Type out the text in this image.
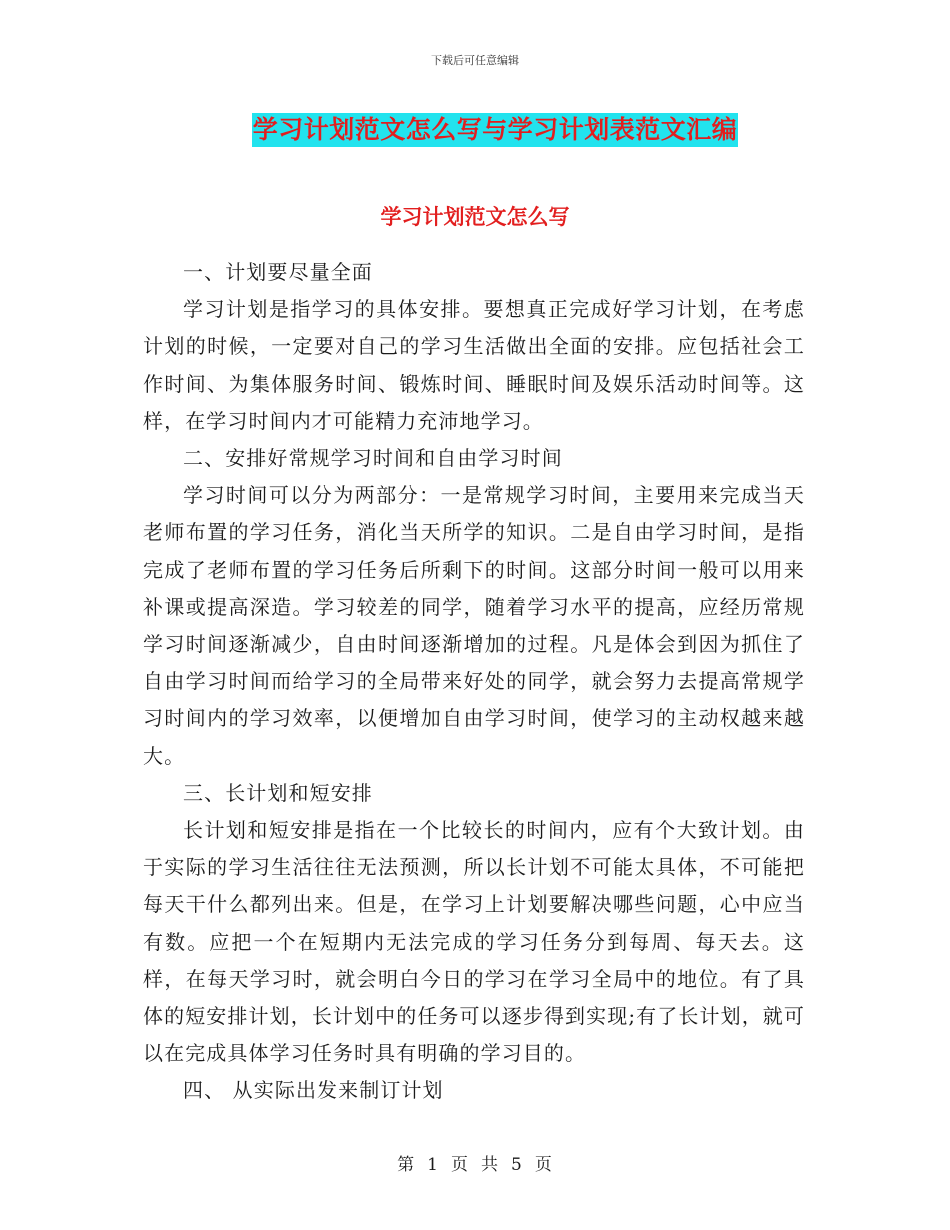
下载后可任意编辑
学习计划范文怎么写与学习计划表范文汇编
学习计划范文怎么写

一、计划要尽量全面

学习计划是指学习的具体安排。要想真正完成好学习计划，在考虑计划的时候，一定要对自己的学习生活做出全面的安排。应包括社会工作时间、为集体服务时间、锻炼时间、睡眠时间及娱乐活动时间等。这样，在学习时间内才可能精力充沛地学习。

二、安排好常规学习时间和自由学习时间

学习时间可以分为两部分：一是常规学习时间，主要用来完成当天老师布置的学习任务，消化当天所学的知识。二是自由学习时间，是指完成了老师布置的学习任务后所剩下的时间。这部分时间一般可以用来补课或提高深造。学习较差的同学，随着学习水平的提高，应经历常规学习时间逐渐减少，自由时间逐渐增加的过程。凡是体会到因为抓住了自由学习时间而给学习的全局带来好处的同学，就会努力去提高常规学习时间内的学习效率，以便增加自由学习时间，使学习的主动权越来越大。

三、长计划和短安排

长计划和短安排是指在一个比较长的时间内，应有个大致计划。由于实际的学习生活往往无法预测，所以长计划不可能太具体，不可能把每天干什么都列出来。但是，在学习上计划要解决哪些问题，心中应当有数。应把一个在短期内无法完成的学习任务分到每周、每天去。这样，在每天学习时，就会明白今日的学习在学习全局中的地位。有了具体的短安排计划，长计划中的任务可以逐步得到实现;有了长计划，就可以在完成具体学习任务时具有明确的学习目的。

四、 从实际出发来制订计划

第 1 页 共 5 页
